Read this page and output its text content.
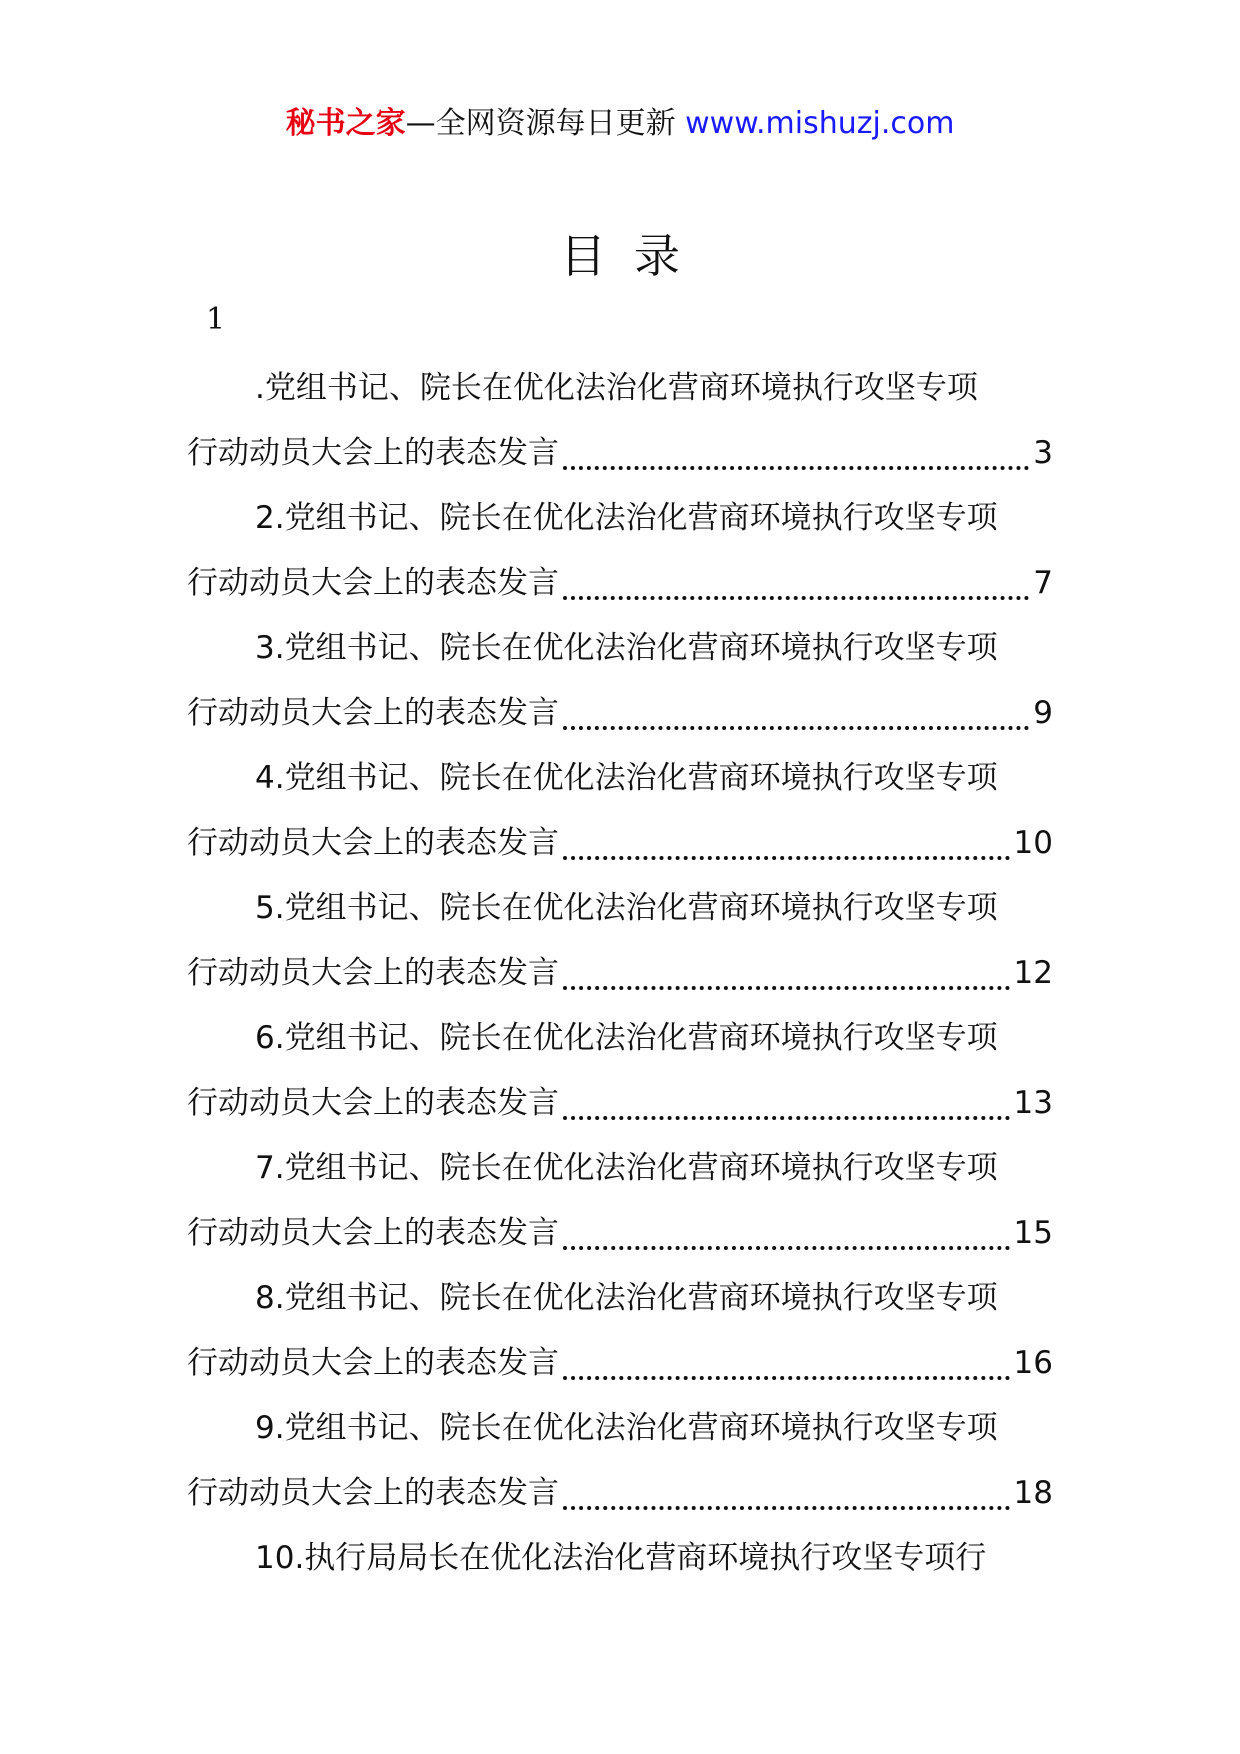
秘书之家—全网资源每日更新 www.mishuzj.com
目录
1
.党组书记、院长在优化法治化营商环境执行攻坚专项
行动动员大会上的表态发言	3
2.党组书记、院长在优化法治化营商环境执行攻坚专项
行动动员大会上的表态发言	7
3.党组书记、院长在优化法治化营商环境执行攻坚专项
行动动员大会上的表态发言	9
4.党组书记、院长在优化法治化营商环境执行攻坚专项
行动动员大会上的表态发言	10
5.党组书记、院长在优化法治化营商环境执行攻坚专项
行动动员大会上的表态发言	12
6.党组书记、院长在优化法治化营商环境执行攻坚专项
行动动员大会上的表态发言	13
7.党组书记、院长在优化法治化营商环境执行攻坚专项
行动动员大会上的表态发言	15
8.党组书记、院长在优化法治化营商环境执行攻坚专项
行动动员大会上的表态发言	16
9.党组书记、院长在优化法治化营商环境执行攻坚专项
行动动员大会上的表态发言	18
10.执行局局长在优化法治化营商环境执行攻坚专项行
